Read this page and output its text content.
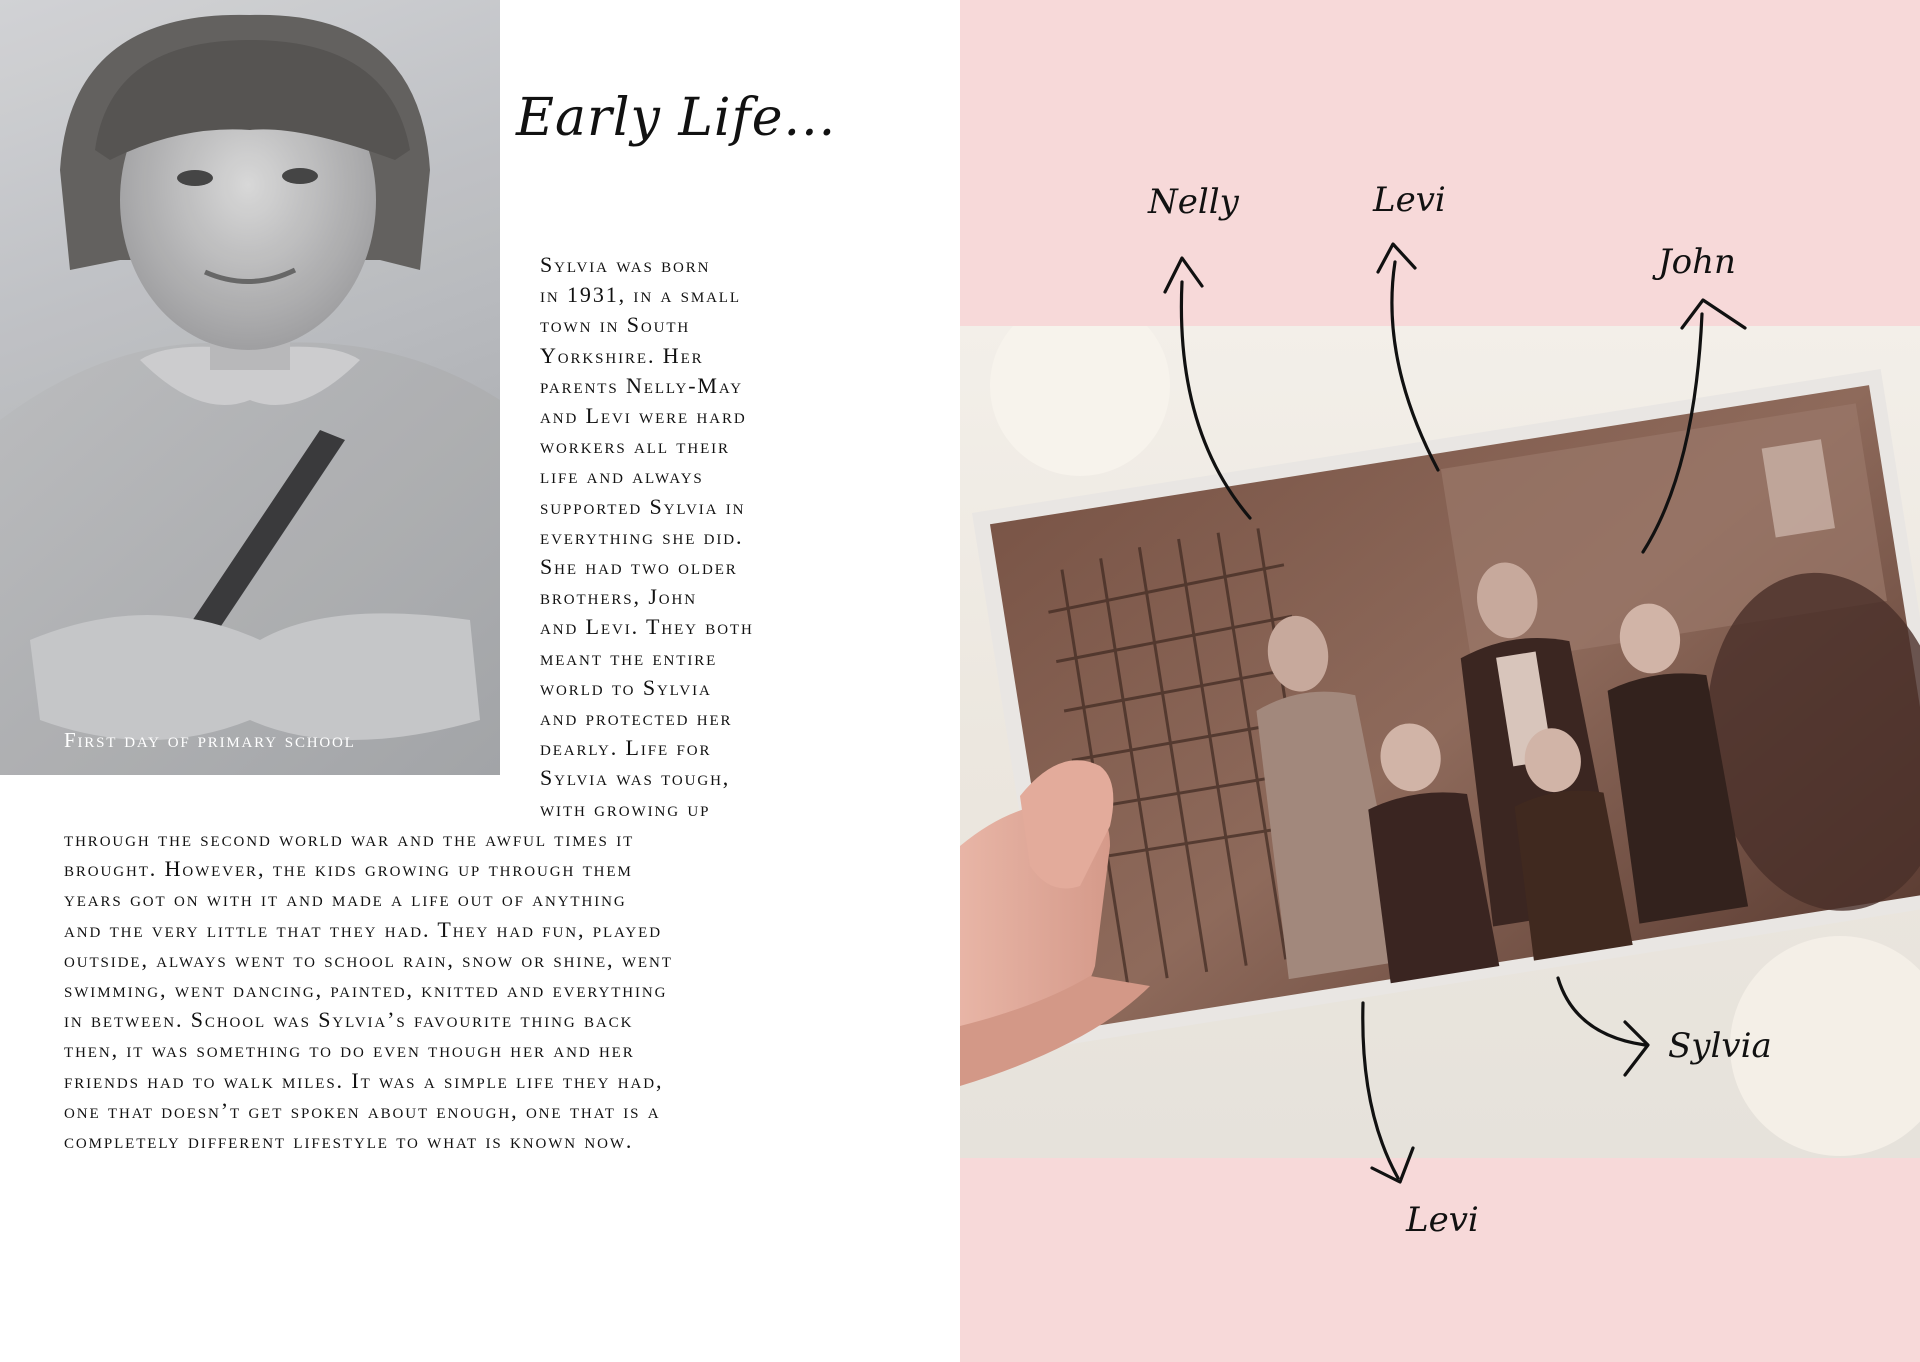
First day of primary school
Early Life...
Sylvia was born
in 1931, in a small
town in South
Yorkshire. Her
parents Nelly-May
and Levi were hard
workers all their
life and always
supported Sylvia in
everything she did.
She had two older
brothers, John
and Levi. They both
meant the entire
world to Sylvia
and protected her
dearly. Life for
Sylvia was tough,
with growing up
through the second world war and the awful times it
brought. However, the kids growing up through them
years got on with it and made a life out of anything
and the very little that they had. They had fun, played
outside, always went to school rain, snow or shine, went
swimming, went dancing, painted, knitted and everything
in between. School was Sylvia’s favourite thing back
then, it was something to do even though her and her
friends had to walk miles. It was a simple life they had,
one that doesn’t get spoken about enough, one that is a
completely different lifestyle to what is known now.
Nelly	Levi
John
Sylvia
Levi
